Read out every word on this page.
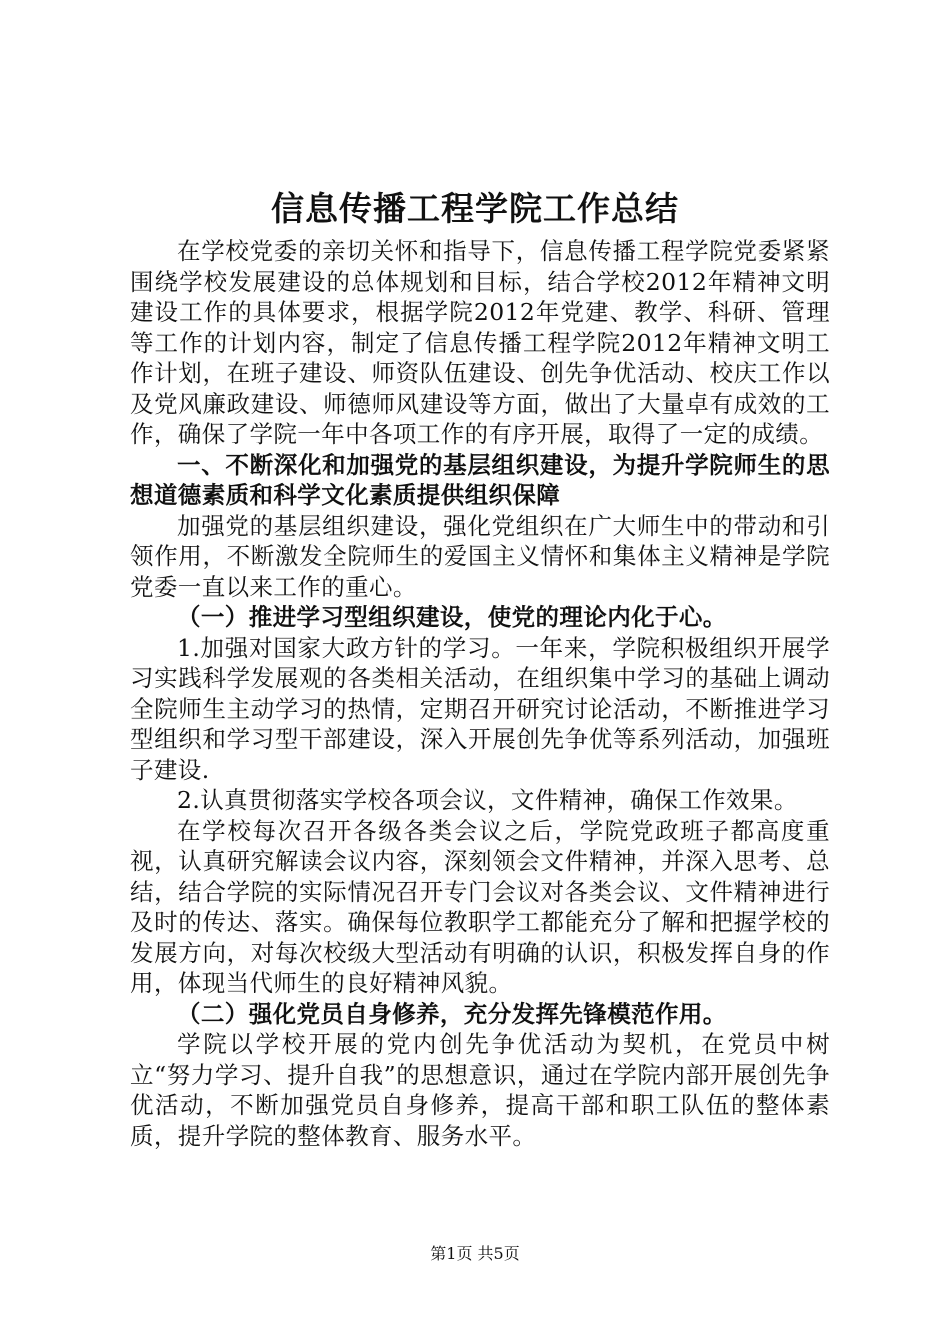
信息传播工程学院工作总结

在学校党委的亲切关怀和指导下，信息传播工程学院党委紧紧围绕学校发展建设的总体规划和目标，结合学校2012年精神文明建设工作的具体要求，根据学院2012年党建、教学、科研、管理等工作的计划内容，制定了信息传播工程学院2012年精神文明工作计划，在班子建设、师资队伍建设、创先争优活动、校庆工作以及党风廉政建设、师德师风建设等方面，做出了大量卓有成效的工作，确保了学院一年中各项工作的有序开展，取得了一定的成绩。

一、不断深化和加强党的基层组织建设，为提升学院师生的思想道德素质和科学文化素质提供组织保障

加强党的基层组织建设，强化党组织在广大师生中的带动和引领作用，不断激发全院师生的爱国主义情怀和集体主义精神是学院党委一直以来工作的重心。

（一）推进学习型组织建设，使党的理论内化于心。

1.加强对国家大政方针的学习。一年来，学院积极组织开展学习实践科学发展观的各类相关活动，在组织集中学习的基础上调动全院师生主动学习的热情，定期召开研究讨论活动，不断推进学习型组织和学习型干部建设，深入开展创先争优等系列活动，加强班子建设.

2.认真贯彻落实学校各项会议，文件精神，确保工作效果。

在学校每次召开各级各类会议之后，学院党政班子都高度重视，认真研究解读会议内容，深刻领会文件精神，并深入思考、总结，结合学院的实际情况召开专门会议对各类会议、文件精神进行及时的传达、落实。确保每位教职学工都能充分了解和把握学校的发展方向，对每次校级大型活动有明确的认识，积极发挥自身的作用，体现当代师生的良好精神风貌。

（二）强化党员自身修养，充分发挥先锋模范作用。

学院以学校开展的党内创先争优活动为契机，在党员中树立“努力学习、提升自我”的思想意识，通过在学院内部开展创先争优活动，不断加强党员自身修养，提高干部和职工队伍的整体素质，提升学院的整体教育、服务水平。

第1页 共5页
